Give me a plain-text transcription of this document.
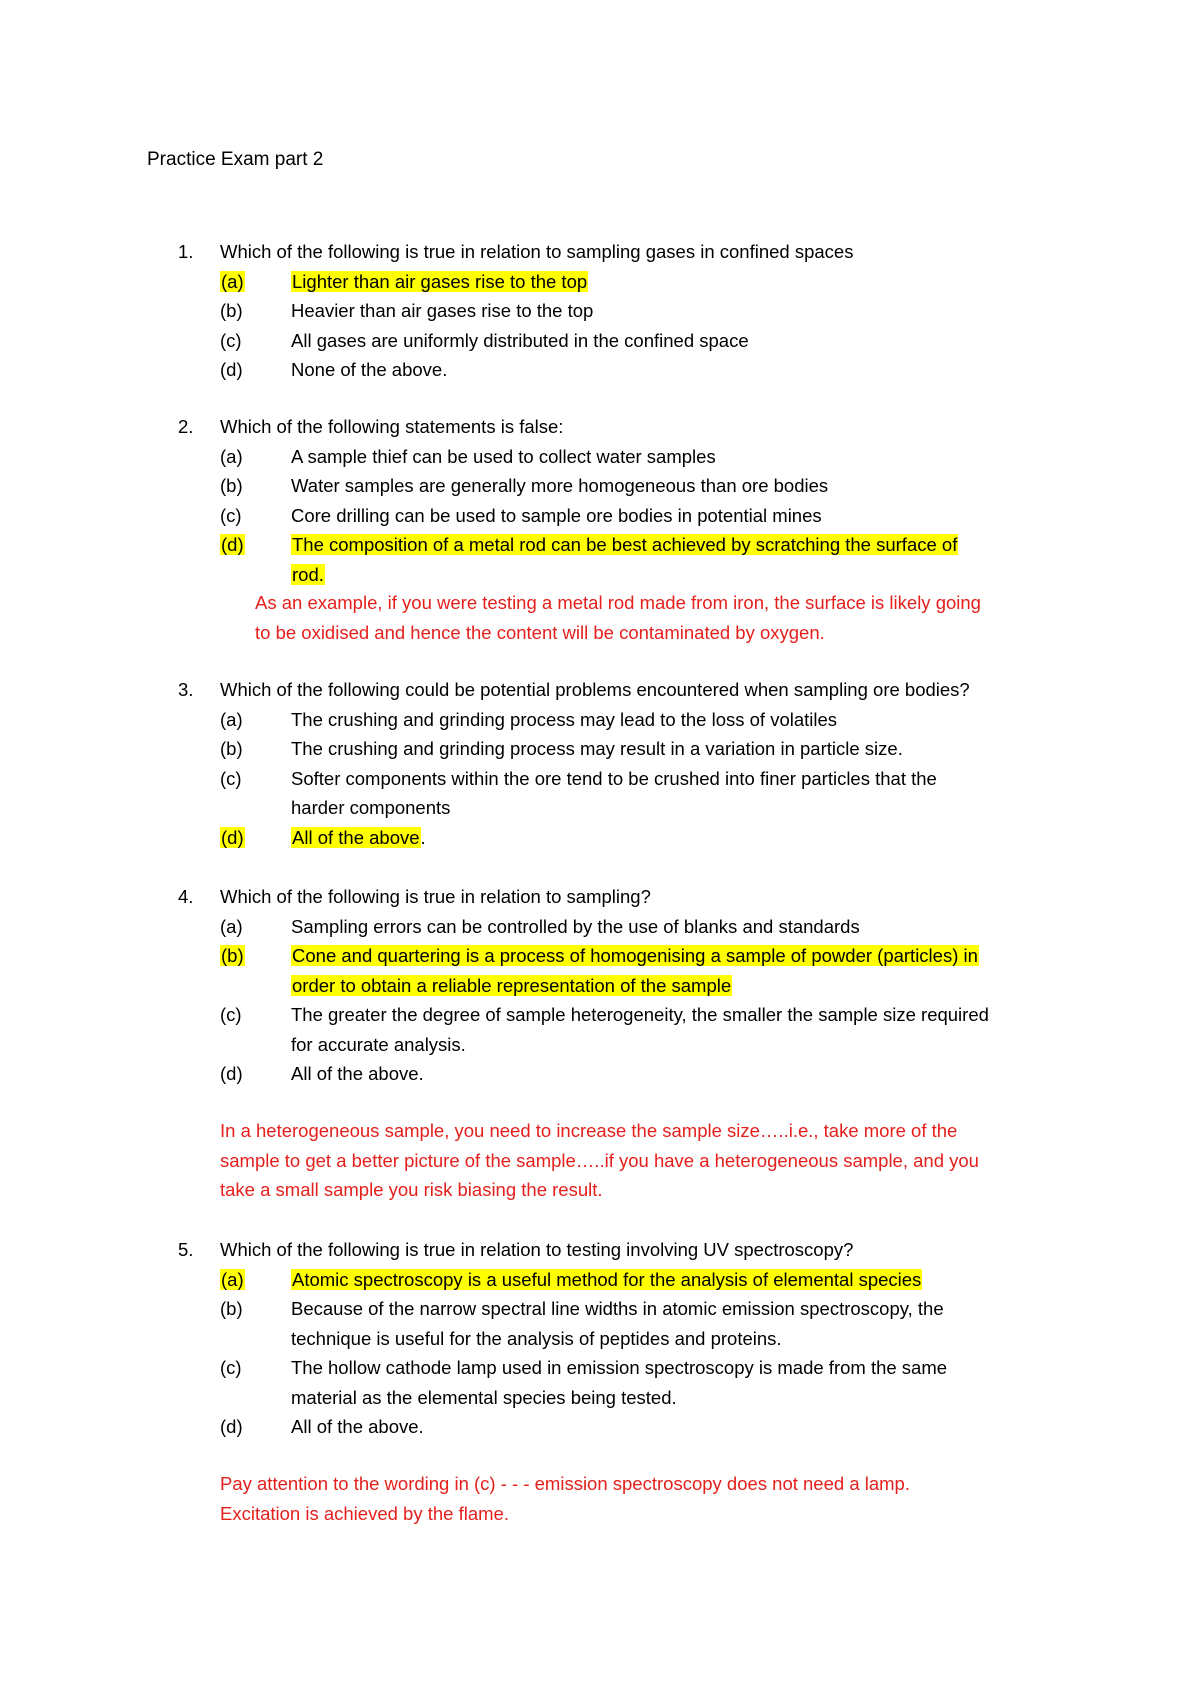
Practice Exam part 2
1. Which of the following is true in relation to sampling gases in confined spaces
(a)	Lighter than air gases rise to the top
(b)	Heavier than air gases rise to the top
(c)	All gases are uniformly distributed in the confined space
(d)	None of the above.
2. Which of the following statements is false:
(a)	A sample thief can be used to collect water samples
(b)	Water samples are generally more homogeneous than ore bodies
(c)	Core drilling can be used to sample ore bodies in potential mines
(d)	The composition of a metal rod can be best achieved by scratching the surface of
rod.
As an example, if you were testing a metal rod made from iron, the surface is likely going
to be oxidised and hence the content will be contaminated by oxygen.
3. Which of the following could be potential problems encountered when sampling ore bodies?
(a)	The crushing and grinding process may lead to the loss of volatiles
(b)	The crushing and grinding process may result in a variation in particle size.
(c)	Softer components within the ore tend to be crushed into finer particles that the
harder components
(d)	All of the above.
4. Which of the following is true in relation to sampling?
(a)	Sampling errors can be controlled by the use of blanks and standards
(b)	Cone and quartering is a process of homogenising a sample of powder (particles) in
order to obtain a reliable representation of the sample
(c)	The greater the degree of sample heterogeneity, the smaller the sample size required
for accurate analysis.
(d)	All of the above.
In a heterogeneous sample, you need to increase the sample size…..i.e., take more of the
sample to get a better picture of the sample…..if you have a heterogeneous sample, and you
take a small sample you risk biasing the result.
5. Which of the following is true in relation to testing involving UV spectroscopy?
(a)	Atomic spectroscopy is a useful method for the analysis of elemental species
(b)	Because of the narrow spectral line widths in atomic emission spectroscopy, the
technique is useful for the analysis of peptides and proteins.
(c)	The hollow cathode lamp used in emission spectroscopy is made from the same
material as the elemental species being tested.
(d)	All of the above.
Pay attention to the wording in (c) - - - emission spectroscopy does not need a lamp.
Excitation is achieved by the flame.
